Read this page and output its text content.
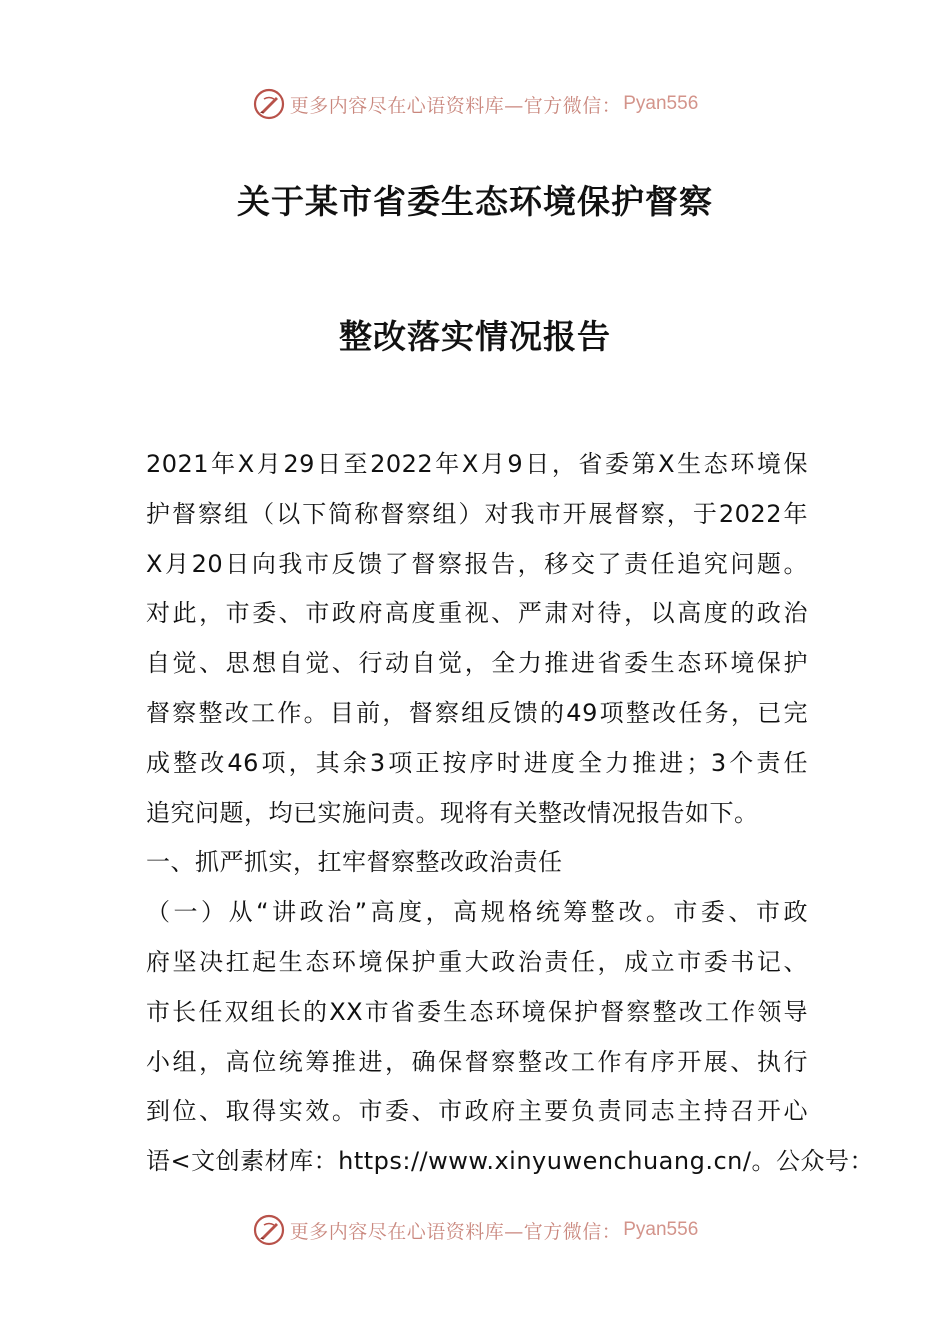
更多内容尽在心语资料库—官方微信： Pyan556
关于某市省委生态环境保护督察
整改落实情况报告
2021年X月29日至2022年X月9日，省委第X生态环境保
护督察组（以下简称督察组）对我市开展督察，于2022年
X月20日向我市反馈了督察报告，移交了责任追究问题。
对此，市委、市政府高度重视、严肃对待，以高度的政治
自觉、思想自觉、行动自觉，全力推进省委生态环境保护
督察整改工作。目前，督察组反馈的49项整改任务，已完
成整改46项，其余3项正按序时进度全力推进；3个责任
追究问题，均已实施问责。现将有关整改情况报告如下。
一、抓严抓实，扛牢督察整改政治责任
（一）从“讲政治”高度，高规格统筹整改。市委、市政
府坚决扛起生态环境保护重大政治责任，成立市委书记、
市长任双组长的XX市省委生态环境保护督察整改工作领导
小组，高位统筹推进，确保督察整改工作有序开展、执行
到位、取得实效。市委、市政府主要负责同志主持召开心
语<文创素材库：https://www.xinyuwenchuang.cn/。公众号：
更多内容尽在心语资料库—官方微信： Pyan556
